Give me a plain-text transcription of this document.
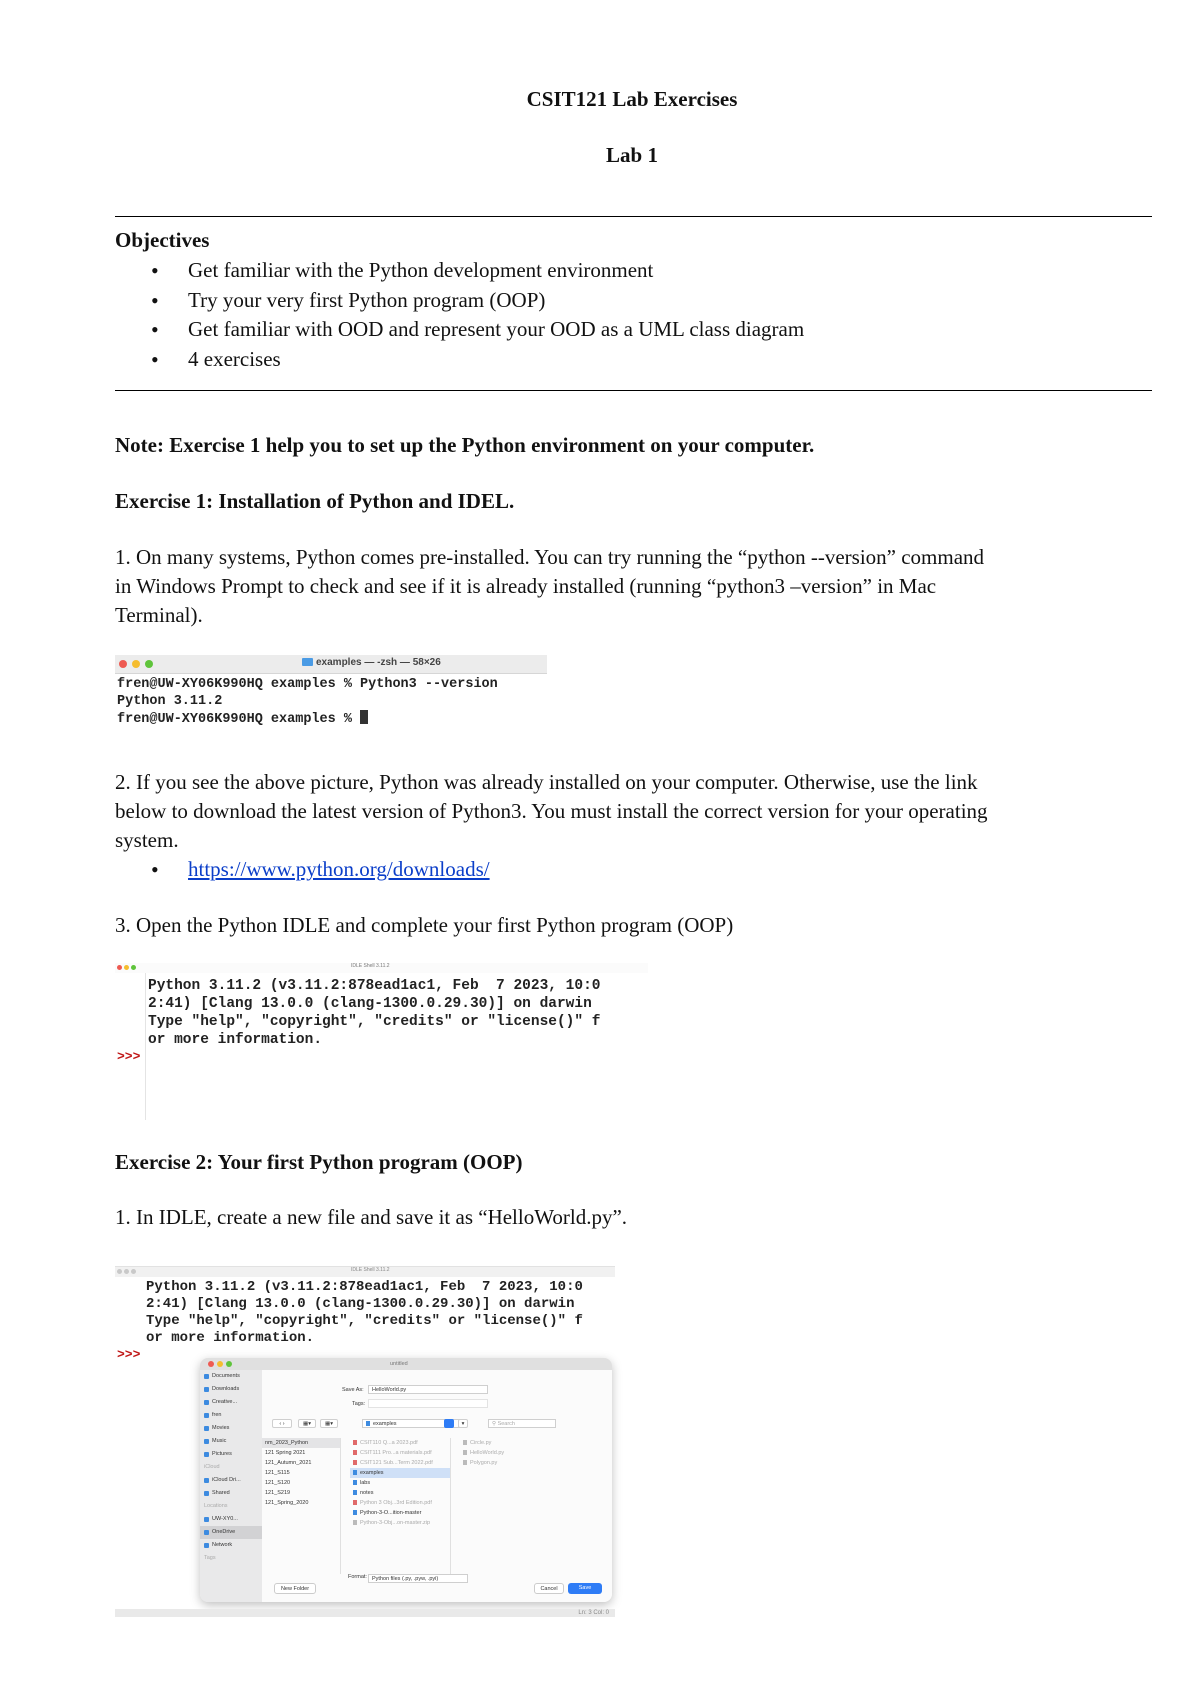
CSIT121 Lab Exercises
Lab 1
Objectives
• Get familiar with the Python development environment
• Try your very first Python program (OOP)
• Get familiar with OOD and represent your OOD as a UML class diagram
• 4 exercises
Note: Exercise 1 help you to set up the Python environment on your computer.
Exercise 1: Installation of Python and IDEL.
1. On many systems, Python comes pre-installed. You can try running the “python --version” command
in Windows Prompt to check and see if it is already installed (running “python3 –version” in Mac
Terminal).
examples — -zsh — 58×26
fren@UW-XY06K990HQ examples % Python3 --version
Python 3.11.2
fren@UW-XY06K990HQ examples %
2. If you see the above picture, Python was already installed on your computer. Otherwise, use the link
below to download the latest version of Python3. You must install the correct version for your operating
system.
• https://www.python.org/downloads/
3. Open the Python IDLE and complete your first Python program (OOP)
IDLE Shell 3.11.2
Python 3.11.2 (v3.11.2:878ead1ac1, Feb  7 2023, 10:0
2:41) [Clang 13.0.0 (clang-1300.0.29.30)] on darwin
Type "help", "copyright", "credits" or "license()" f
or more information.
>>>
Exercise 2: Your first Python program (OOP)
1. In IDLE, create a new file and save it as “HelloWorld.py”.
IDLE Shell 3.11.2
Python 3.11.2 (v3.11.2:878ead1ac1, Feb  7 2023, 10:0
2:41) [Clang 13.0.0 (clang-1300.0.29.30)] on darwin
Type "help", "copyright", "credits" or "license()" f
or more information.
>>>
untitled
Documents
Downloads
Creative...
fren
Movies
Music
Pictures
iCloud
iCloud Dri...
Shared
Locations
UW-XY0...
OneDrive
Network
Tags
Save As:	HelloWorld.py
Tags:
‹ ›	▦▾	▦▾	examples	▾	⚲ Search
nm_2023_Python
121 Spring 2021
121_Autumn_2021
121_S115
121_S120
121_S219
121_Spring_2020
CSIT110 Q...a 2023.pdf
CSIT111 Pro...a materials.pdf
CSIT121 Sub...Term 2022.pdf
examples
labs
notes
Python 3 Obj...3rd Edition.pdf
Python-3-O...ition-master
Python-3-Obj...on-master.zip
Circle.py
HelloWorld.py
Polygon.py
Format: Python files (.py, .pyw, .pyi)
New Folder	Cancel	Save
Ln: 3 Col: 0
